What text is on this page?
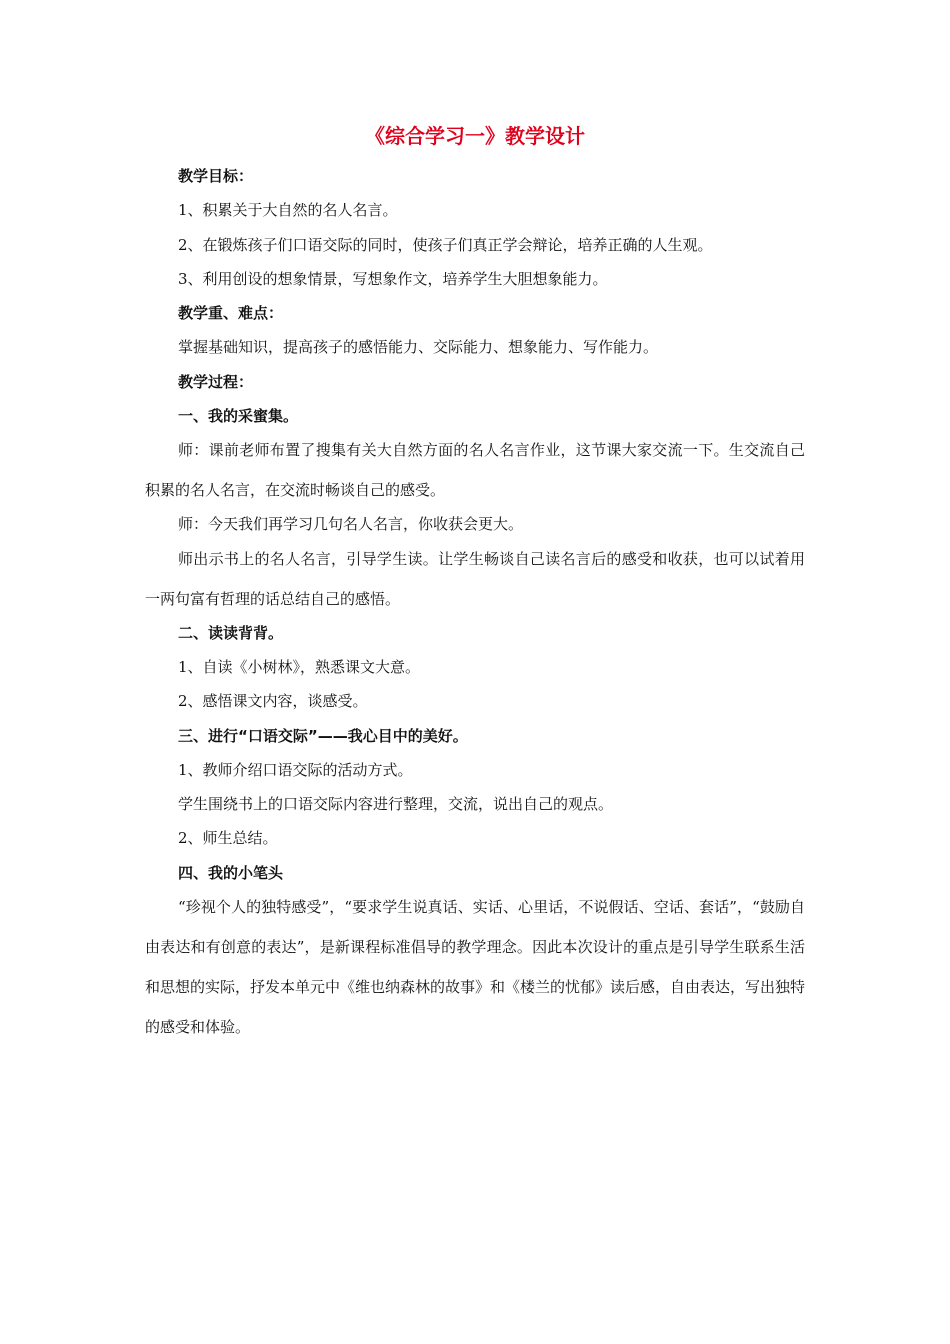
《综合学习一》教学设计
教学目标：
1、积累关于大自然的名人名言。
2、在锻炼孩子们口语交际的同时，使孩子们真正学会辩论，培养正确的人生观。
3、利用创设的想象情景，写想象作文，培养学生大胆想象能力。
教学重、难点：
掌握基础知识，提高孩子的感悟能力、交际能力、想象能力、写作能力。
教学过程：
一、我的采蜜集。
师：课前老师布置了搜集有关大自然方面的名人名言作业，这节课大家交流一下。生交流自己积累的名人名言，在交流时畅谈自己的感受。
师：今天我们再学习几句名人名言，你收获会更大。
师出示书上的名人名言，引导学生读。让学生畅谈自己读名言后的感受和收获，也可以试着用一两句富有哲理的话总结自己的感悟。
二、读读背背。
1、自读《小树林》，熟悉课文大意。
2、感悟课文内容，谈感受。
三、进行“口语交际”——我心目中的美好。
1、教师介绍口语交际的活动方式。
学生围绕书上的口语交际内容进行整理，交流，说出自己的观点。
2、师生总结。
四、我的小笔头
“珍视个人的独特感受”，“要求学生说真话、实话、心里话，不说假话、空话、套话”，“鼓励自由表达和有创意的表达”，是新课程标准倡导的教学理念。因此本次设计的重点是引导学生联系生活和思想的实际，抒发本单元中《维也纳森林的故事》和《楼兰的忧郁》读后感，自由表达，写出独特的感受和体验。
